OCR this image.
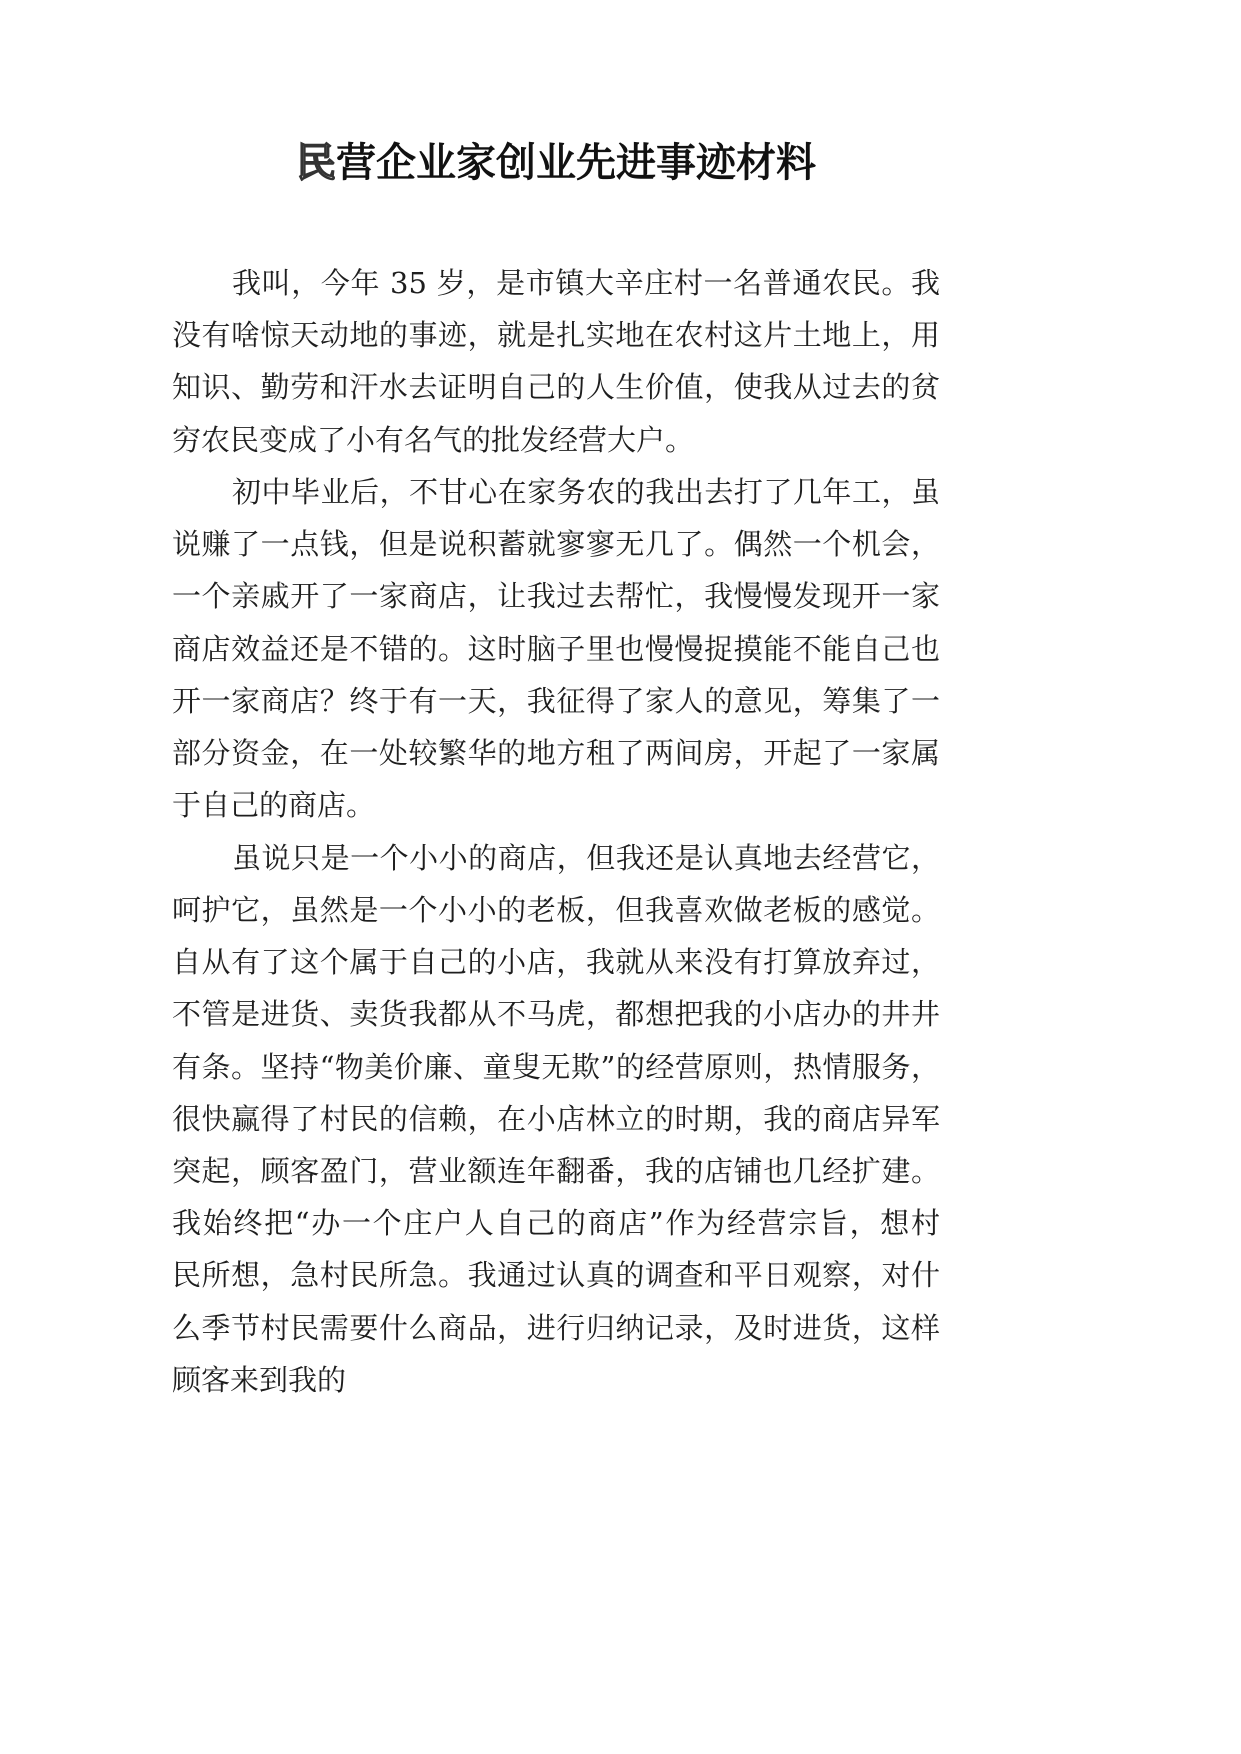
民营企业家创业先进事迹材料
我叫，今年 35 岁，是市镇大辛庄村一名普通农民。我
没有啥惊天动地的事迹，就是扎实地在农村这片土地上，用
知识、勤劳和汗水去证明自己的人生价值，使我从过去的贫
穷农民变成了小有名气的批发经营大户。
初中毕业后，不甘心在家务农的我出去打了几年工，虽
说赚了一点钱，但是说积蓄就寥寥无几了。偶然一个机会，
一个亲戚开了一家商店，让我过去帮忙，我慢慢发现开一家
商店效益还是不错的。这时脑子里也慢慢捉摸能不能自己也
开一家商店？终于有一天，我征得了家人的意见，筹集了一
部分资金，在一处较繁华的地方租了两间房，开起了一家属
于自己的商店。
虽说只是一个小小的商店，但我还是认真地去经营它，
呵护它，虽然是一个小小的老板，但我喜欢做老板的感觉。
自从有了这个属于自己的小店，我就从来没有打算放弃过，
不管是进货、卖货我都从不马虎，都想把我的小店办的井井
有条。坚持“物美价廉、童叟无欺”的经营原则，热情服务，
很快赢得了村民的信赖，在小店林立的时期，我的商店异军
突起，顾客盈门，营业额连年翻番，我的店铺也几经扩建。
我始终把“办一个庄户人自己的商店”作为经营宗旨，想村
民所想，急村民所急。我通过认真的调查和平日观察，对什
么季节村民需要什么商品，进行归纳记录，及时进货，这样
顾客来到我的
